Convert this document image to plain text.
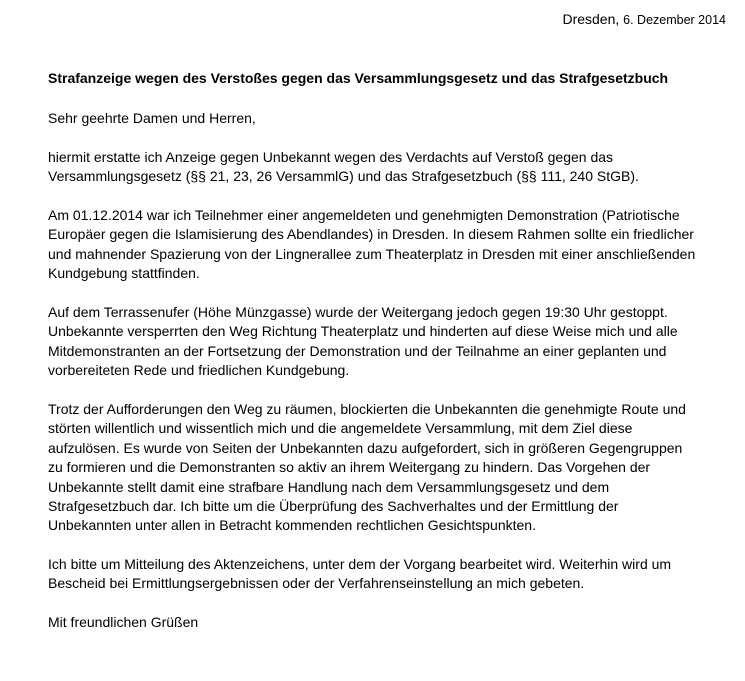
Dresden, 6. Dezember 2014
Strafanzeige wegen des Verstoßes gegen das Versammlungsgesetz und das Strafgesetzbuch
Sehr geehrte Damen und Herren,
hiermit erstatte ich Anzeige gegen Unbekannt wegen des Verdachts auf Verstoß gegen das
Versammlungsgesetz (§§ 21, 23, 26 VersammlG) und das Strafgesetzbuch (§§ 111, 240 StGB).
Am 01.12.2014 war ich Teilnehmer einer angemeldeten und genehmigten Demonstration (Patriotische
Europäer gegen die Islamisierung des Abendlandes) in Dresden. In diesem Rahmen sollte ein friedlicher
und mahnender Spazierung von der Lingnerallee zum Theaterplatz in Dresden mit einer anschließenden
Kundgebung stattfinden.
Auf dem Terrassenufer (Höhe Münzgasse) wurde der Weitergang jedoch gegen 19:30 Uhr gestoppt.
Unbekannte versperrten den Weg Richtung Theaterplatz und hinderten auf diese Weise mich und alle
Mitdemonstranten an der Fortsetzung der Demonstration und der Teilnahme an einer geplanten und
vorbereiteten Rede und friedlichen Kundgebung.
Trotz der Aufforderungen den Weg zu räumen, blockierten die Unbekannten die genehmigte Route und
störten willentlich und wissentlich mich und die angemeldete Versammlung, mit dem Ziel diese
aufzulösen. Es wurde von Seiten der Unbekannten dazu aufgefordert, sich in größeren Gegengruppen
zu formieren und die Demonstranten so aktiv an ihrem Weitergang zu hindern. Das Vorgehen der
Unbekannte stellt damit eine strafbare Handlung nach dem Versammlungsgesetz und dem
Strafgesetzbuch dar. Ich bitte um die Überprüfung des Sachverhaltes und der Ermittlung der
Unbekannten unter allen in Betracht kommenden rechtlichen Gesichtspunkten.
Ich bitte um Mitteilung des Aktenzeichens, unter dem der Vorgang bearbeitet wird. Weiterhin wird um
Bescheid bei Ermittlungsergebnissen oder der Verfahrenseinstellung an mich gebeten.
Mit freundlichen Grüßen
